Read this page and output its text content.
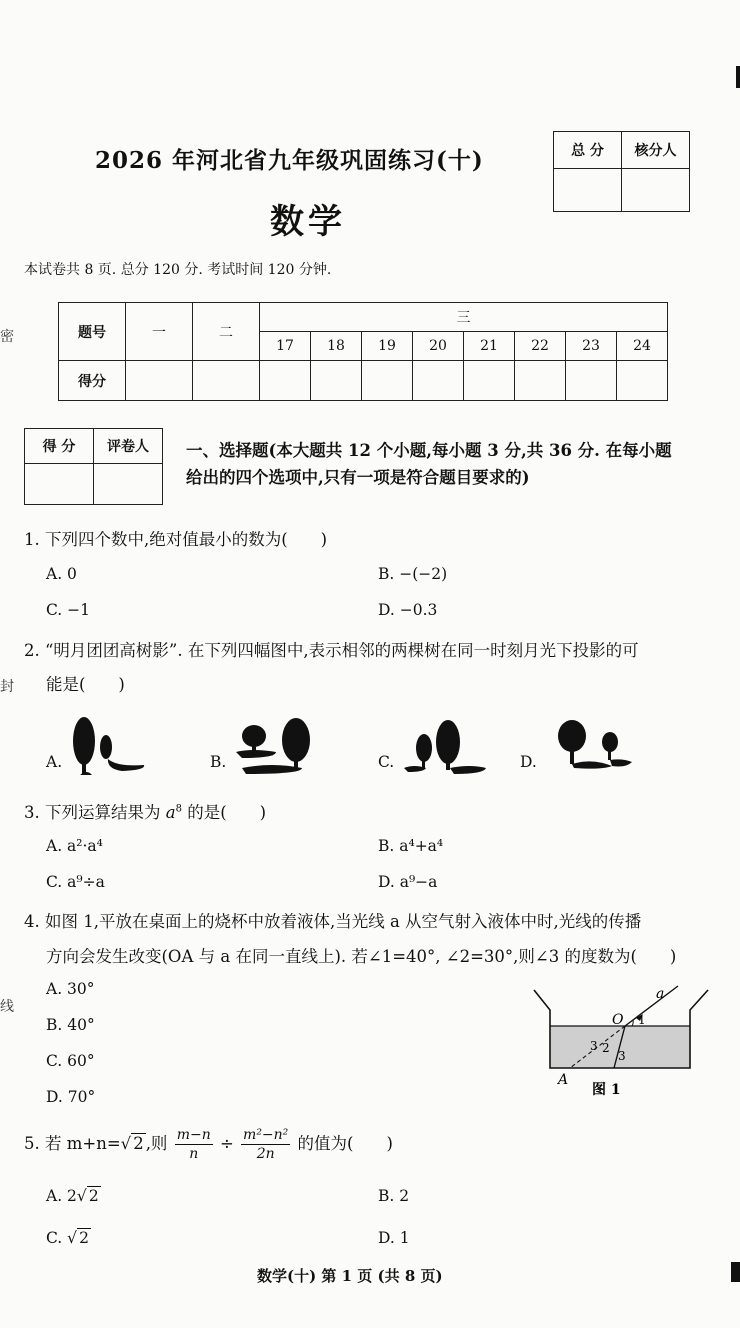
2026 年河北省九年级巩固练习(十)
数学
本试卷共 8 页. 总分 120 分. 考试时间 120 分钟.
总 分	核分人

题号	一	二	三							
			17	18	19	20	21	22	23	24
得分										
得 分	评卷人
	一、选择题(本大题共 12 个小题,每小题 3 分,共 36 分. 在每小题
给出的四个选项中,只有一项是符合题目要求的)
密
封
线
1. 下列四个数中,绝对值最小的数为(　　)
A. 0	B. −(−2)
C. −1	D. −0.3
2. “明月团团高树影”. 在下列四幅图中,表示相邻的两棵树在同一时刻月光下投影的可
能是(　　)
A.	B.	C.	D.
3. 下列运算结果为 $a^8$ 的是(　　)
A. a²·a⁴	B. a⁴+a⁴
C. a⁹÷a	D. a⁹−a
4. 如图 1,平放在桌面上的烧杯中放着液体,当光线 a 从空气射入液体中时,光线的传播
方向会发生改变(OA 与 a 在同一直线上). 若∠1=40°, ∠2=30°,则∠3 的度数为(　　)
A. 30°
B. 40°
C. 60°
D. 70°
a
O 1
3 2
3
A
图 1
5. 若 m+n=√ 2 ,则 $\frac{m-n}{n} \div \frac{\text{m²−n²}}{2n}$ 的值为(　　)
A. 2√ 2	B. 2
C. √ 2	D. 1
数学(十) 第 1 页 (共 8 页)
